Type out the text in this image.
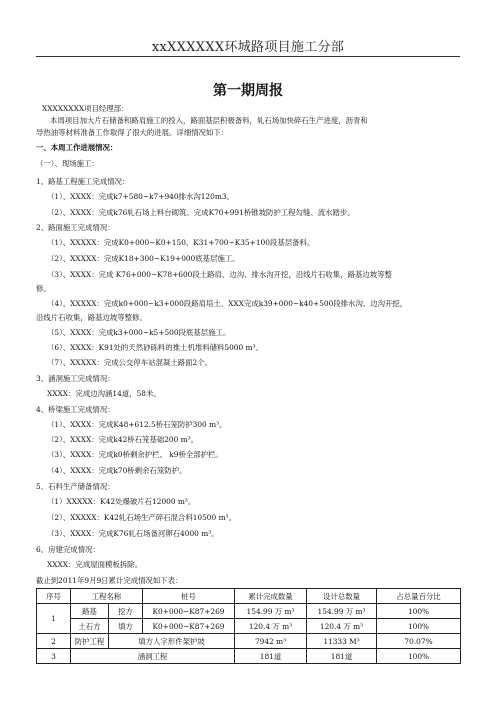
xxXXXXXX环城路项目施工分部
第一期周报
XXXXXXXX项目经理部：
本周项目加大片石储备和路肩施工的投入，路面基层积极备料，轧石场加快碎石生产进度，沥青和
导热油等材料准备工作取得了很大的进展。详细情况如下：
一、本周工作进展情况：
（一）、现场施工：
1、路基工程施工完成情况：
（1）、XXXX：完成k7+580~k7+940排水沟120m3。
（2）、XXXX：完成k76轧石场上料台砌筑、完成K70+991桥锥坡防护工程勾缝、流水踏步。
2、路面施工完成情况：
（1）、XXXXX：完成K0+000~K0+150、K31+700~K35+100段基层备料。
（2）、XXXXX：完成K18+300~K19+000底基层施工。
（3）、XXXX：完成 K76+000~K78+600段土路肩、边沟、排水沟开挖，沿线片石收集，路基边坡等整
修。
（4）、XXXXX：完成k0+000~k3+000段路肩培土、XXX完成k39+000~k40+500段排水沟、边沟开挖，
沿线片石收集，路基边坡等整修。
（5）、XXXX：完成k3+000~k5+500段底基层施工。
（6）、XXXX：K91处的天然砂砾料的推土机堆料储料5000 m³。
（7）、XXXXX：完成公交停车站混凝土路面2个。
3、涵洞施工完成情况：
XXXX：完成边沟涵14道，58米。
4、桥梁施工完成情况：
（1）、XXXX：完成K48+612.5桥石笼防护300 m³。
（2）、XXXX：完成k42桥石笼基础200 m³。
（3）、XXXX：完成k0桥剩余护栏、 k9桥全部护栏。
（4）、XXXX：完成k70桥剩余石笼防护。
5、石料生产储备情况：
（1）XXXXX：K42处爆破片石12000 m³。
（2）、XXXXX：K42轧石场生产碎石混合料10500 m³。
（3）、XXXX：完成K76轧石场备河卵石4000 m³。
6、房建完成情况：
XXXX：完成屋面模板拆除。
截止到2011年9月9日累计完成情况如下表：
序号	工程名称		桩号	累计完成数量	设计总数量	占总量百分比
1	路基	挖方	K0+000~K87+269	154.99 万 m³	154.99 万 m³	100%
	土石方	填方	K0+000~K87+269	120.4 万 m³	120.4 万 m³	100%
2	防护工程	填方人字形件架护坡		7942 m³	11333 M³	70.07%
3	涵洞工程			181道	181道	100%
